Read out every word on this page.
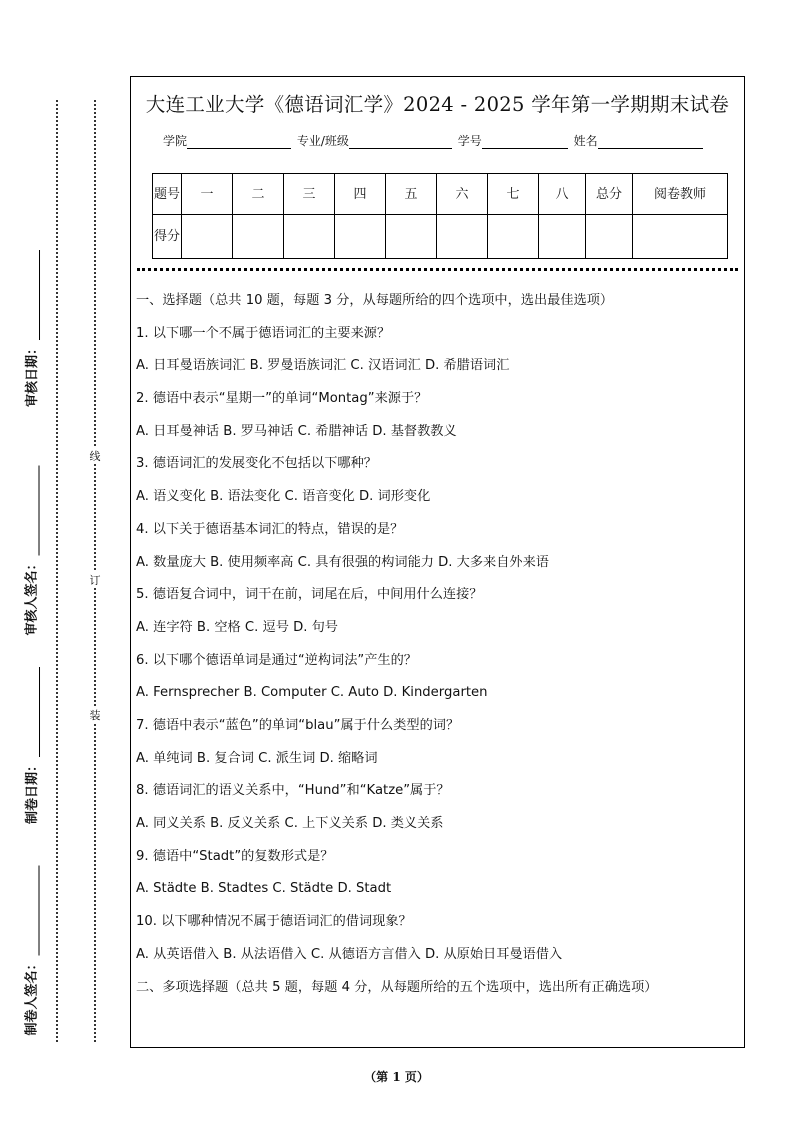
审核日期：
审核人签名：
制卷日期：
制卷人签名：
线
订
装
大连工业大学《德语词汇学》2024 - 2025 学年第一学期期末试卷
学院	专业/班级	学号	姓名
题号	一	二	三	四	五	六	七	八	总分	阅卷教师
得分										
一、选择题（总共 10 题，每题 3 分，从每题所给的四个选项中，选出最佳选项）
1. 以下哪一个不属于德语词汇的主要来源？
A. 日耳曼语族词汇 B. 罗曼语族词汇 C. 汉语词汇 D. 希腊语词汇
2. 德语中表示“星期一”的单词“Montag”来源于？
A. 日耳曼神话 B. 罗马神话 C. 希腊神话 D. 基督教教义
3. 德语词汇的发展变化不包括以下哪种？
A. 语义变化 B. 语法变化 C. 语音变化 D. 词形变化
4. 以下关于德语基本词汇的特点，错误的是？
A. 数量庞大 B. 使用频率高 C. 具有很强的构词能力 D. 大多来自外来语
5. 德语复合词中，词干在前，词尾在后，中间用什么连接？
A. 连字符 B. 空格 C. 逗号 D. 句号
6. 以下哪个德语单词是通过“逆构词法”产生的？
A. Fernsprecher B. Computer C. Auto D. Kindergarten
7. 德语中表示“蓝色”的单词“blau”属于什么类型的词？
A. 单纯词 B. 复合词 C. 派生词 D. 缩略词
8. 德语词汇的语义关系中，“Hund”和“Katze”属于？
A. 同义关系 B. 反义关系 C. 上下义关系 D. 类义关系
9. 德语中“Stadt”的复数形式是？
A. Städte B. Stadtes C. Städte D. Stadt
10. 以下哪种情况不属于德语词汇的借词现象？
A. 从英语借入 B. 从法语借入 C. 从德语方言借入 D. 从原始日耳曼语借入
二、多项选择题（总共 5 题，每题 4 分，从每题所给的五个选项中，选出所有正确选项）
（第 1 页）
